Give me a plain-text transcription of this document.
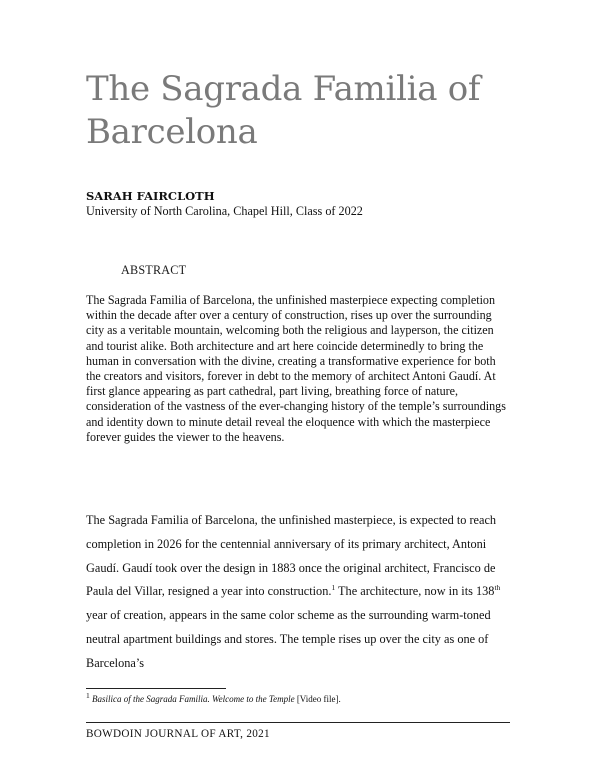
The Sagrada Familia of Barcelona
SARAH FAIRCLOTH
University of North Carolina, Chapel Hill, Class of 2022
ABSTRACT

The Sagrada Familia of Barcelona, the unfinished masterpiece expecting completion within the decade after over a century of construction, rises up over the surrounding city as a veritable mountain, welcoming both the religious and layperson, the citizen and tourist alike. Both architecture and art here coincide determinedly to bring the human in conversation with the divine, creating a transformative experience for both the creators and visitors, forever in debt to the memory of architect Antoni Gaudí. At first glance appearing as part cathedral, part living, breathing force of nature, consideration of the vastness of the ever-changing history of the temple’s surroundings and identity down to minute detail reveal the eloquence with which the masterpiece forever guides the viewer to the heavens.

The Sagrada Familia of Barcelona, the unfinished masterpiece, is expected to reach completion in 2026 for the centennial anniversary of its primary architect, Antoni Gaudí. Gaudí took over the design in 1883 once the original architect, Francisco de Paula del Villar, resigned a year into construction.$^1$ The architecture, now in its 138th year of creation, appears in the same color scheme as the surrounding warm-toned neutral apartment buildings and stores. The temple rises up over the city as one of Barcelona’s

$^1$ Basilica of the Sagrada Familia. Welcome to the Temple [Video file].
BOWDOIN JOURNAL OF ART, 2021
